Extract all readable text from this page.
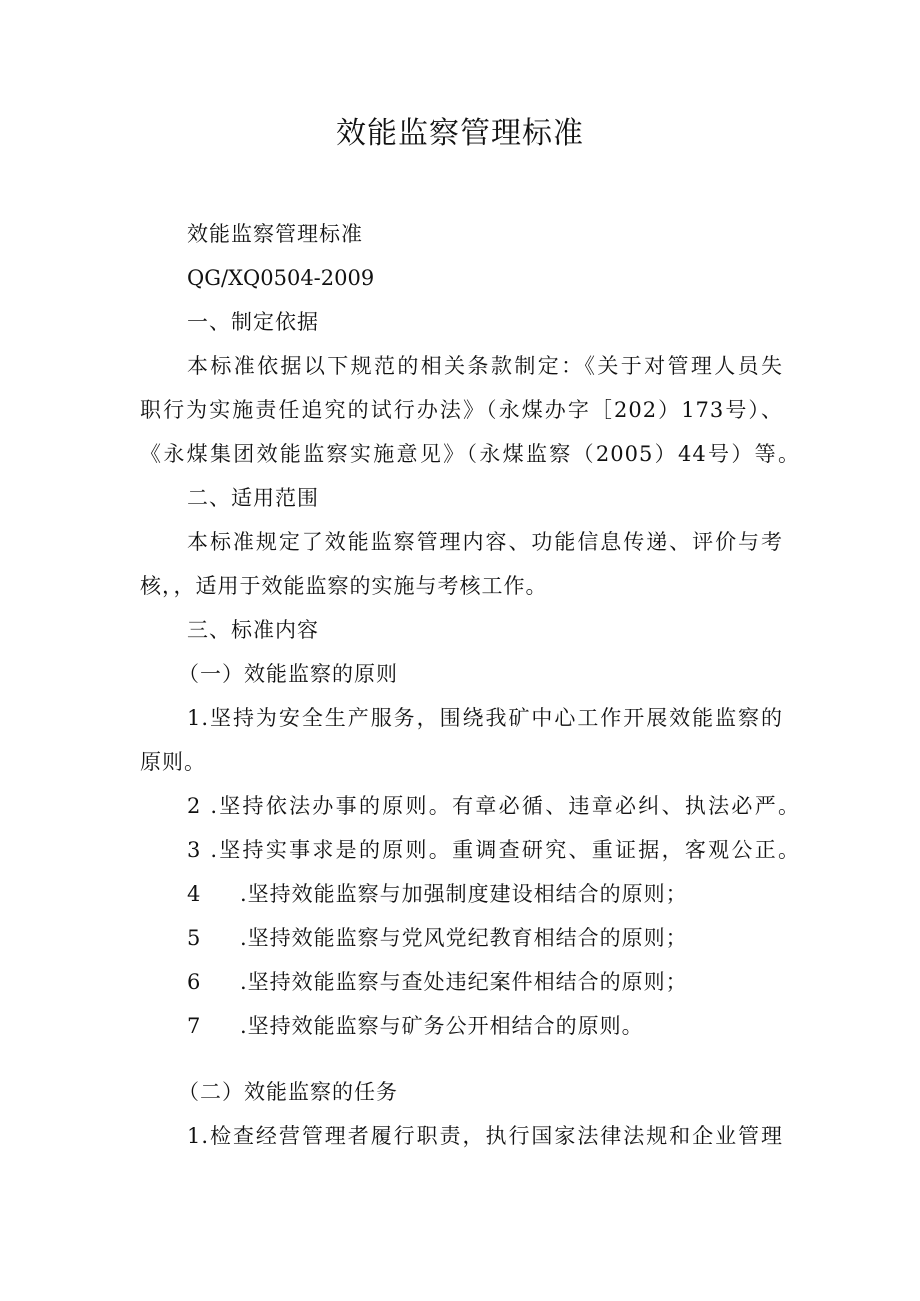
效能监察管理标准

效能监察管理标准

QG/XQ0504-2009

一、制定依据

本标准依据以下规范的相关条款制定：《关于对管理人员失

职行为实施责任追究的试行办法》（永煤办字［202）173号）、

《永煤集团效能监察实施意见》（永煤监察（2005）44号）等。

二、适用范围

本标准规定了效能监察管理内容、功能信息传递、评价与考

核，，适用于效能监察的实施与考核工作。

三、标准内容

（一）效能监察的原则

1.坚持为安全生产服务，围绕我矿中心工作开展效能监察的

原则。

2 .坚持依法办事的原则。有章必循、违章必纠、执法必严。

3 .坚持实事求是的原则。重调查研究、重证据，客观公正。

4 .坚持效能监察与加强制度建设相结合的原则；

5 .坚持效能监察与党风党纪教育相结合的原则；

6 .坚持效能监察与查处违纪案件相结合的原则；

7 .坚持效能监察与矿务公开相结合的原则。

（二）效能监察的任务

1.检查经营管理者履行职责，执行国家法律法规和企业管理
